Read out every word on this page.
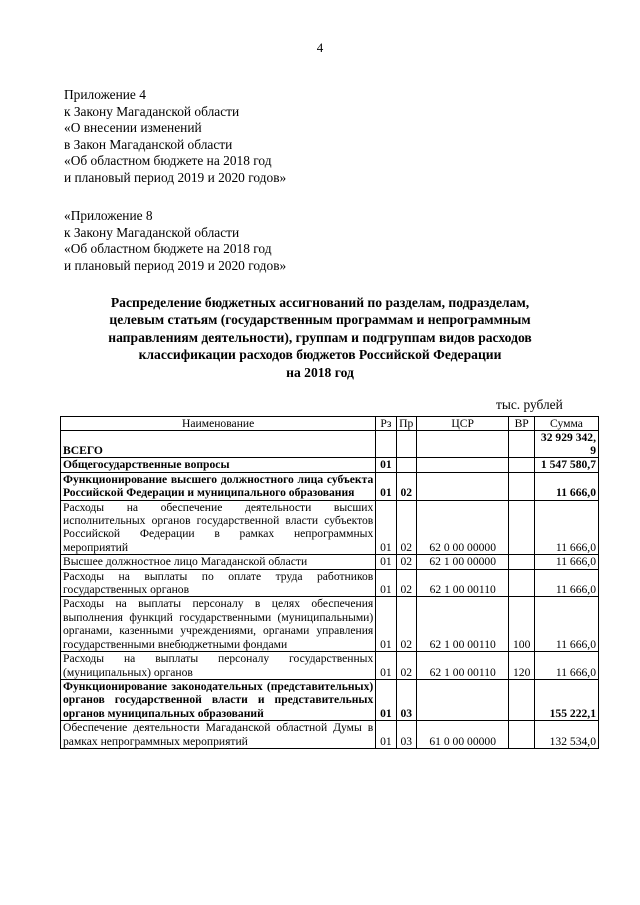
4
Приложение 4
к Закону Магаданской области
«О внесении изменений
в Закон Магаданской области
«Об областном бюджете на 2018 год
и плановый период 2019 и 2020 годов»
«Приложение 8
к Закону Магаданской области
«Об областном бюджете на 2018 год
и плановый период 2019 и 2020 годов»
Распределение бюджетных ассигнований по разделам, подразделам,
целевым статьям (государственным программам и непрограммным
направлениям деятельности), группам и подгруппам видов расходов
классификации расходов бюджетов Российской Федерации
на 2018 год
тыс. рублей
Наименование	Рз	Пр	ЦСР	ВР	Сумма
ВСЕГО					32 929 342,9
Общегосударственные вопросы	01				1 547 580,7
Функционирование высшего должностного лица субъекта Российской Федерации и муниципального образования	01	02			11 666,0
Расходы на обеспечение деятельности высших исполнительных органов государственной власти субъектов Российской Федерации в рамках непрограммных мероприятий	01	02	62 0 00 00000		11 666,0
Высшее должностное лицо Магаданской области	01	02	62 1 00 00000		11 666,0
Расходы на выплаты по оплате труда работников государственных органов	01	02	62 1 00 00110		11 666,0
Расходы на выплаты персоналу в целях обеспечения выполнения функций государственными (муниципальными) органами, казенными учреждениями, органами управления государственными внебюджетными фондами	01	02	62 1 00 00110	100	11 666,0
Расходы на выплаты персоналу государственных (муниципальных) органов	01	02	62 1 00 00110	120	11 666,0
Функционирование законодательных (представительных) органов государственной власти и представительных органов муниципальных образований	01	03			155 222,1
Обеспечение деятельности Магаданской областной Думы в рамках непрограммных мероприятий	01	03	61 0 00 00000		132 534,0
